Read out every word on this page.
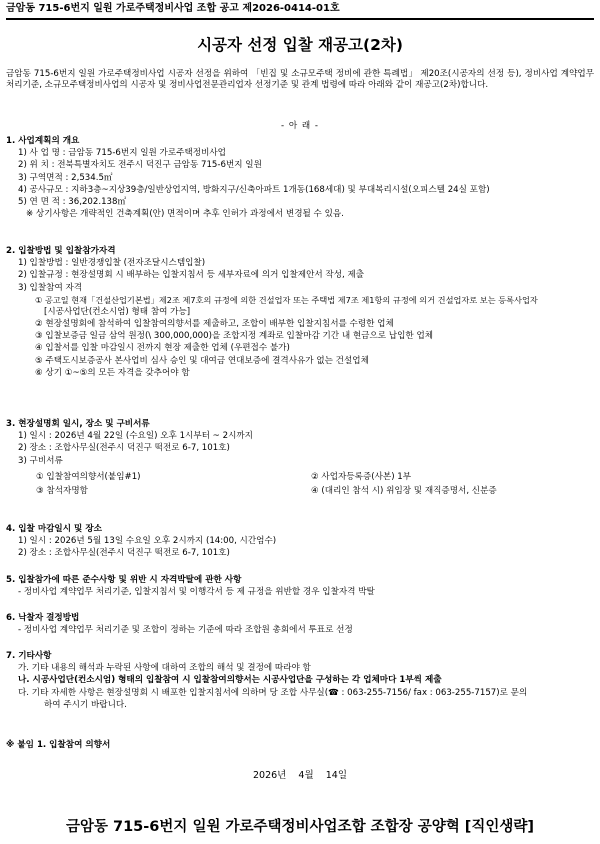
금암동 715-6번지 일원 가로주택정비사업 조합 공고 제2026-0414-01호
시공자 선정 입찰 재공고(2차)
금암동 715-6번지 일원 가로주택정비사업 시공자 선정을 위하여 「빈집 및 소규모주택 정비에 관한 특례법」 제20조(시공자의 선정 등), 정비사업 계약업무 처리기준, 소규모주택정비사업의 시공자 및 정비사업전문관리업자 선정기준 및 관계 법령에 따라 아래와 같이 재공고(2차)합니다.
- 아 래 -
1. 사업계획의 개요
1) 사 업 명 : 금암동 715-6번지 일원 가로주택정비사업
2) 위 치 : 전북특별자치도 전주시 덕진구 금암동 715-6번지 일원
3) 구역면적 : 2,534.5㎡
4) 공사규모 : 지하3층~지상39층/일반상업지역, 방화지구/신축아파트 1개동(168세대) 및 부대복리시설(오피스텔 24실 포함)
5) 연 면 적 : 36,202.138㎡
※ 상기사항은 개략적인 건축계획(안) 면적이며 추후 인허가 과정에서 변경될 수 있음.
2. 입찰방법 및 입찰참가자격
1) 입찰방법 : 일반경쟁입찰 (전자조달시스템입찰)
2) 입찰규정 : 현장설명회 시 배부하는 입찰지침서 등 세부자료에 의거 입찰제안서 작성, 제출
3) 입찰참여 자격
① 공고일 현재「건설산업기본법」제2조 제7호의 규정에 의한 건설업자 또는 주택법 제7조 제1항의 규정에 의거 건설업자로 보는 등록사업자
[시공사업단(컨소시엄) 형태 참여 가능]
② 현장설명회에 참석하여 입찰참여의향서를 제출하고, 조합이 배부한 입찰지침서를 수령한 업체
③ 입찰보증금 일금 삼억 원정(\ 300,000,000)을 조합지정 계좌로 입찰마감 기간 내 현금으로 납입한 업체
④ 입찰서를 입찰 마감일시 전까지 현장 제출한 업체 (우편접수 불가)
⑤ 주택도시보증공사 본사업비 심사 승인 및 대여금 연대보증에 결격사유가 없는 건설업체
⑥ 상기 ①~⑤의 모든 자격을 갖추어야 함
3. 현장설명회 일시, 장소 및 구비서류
1) 일시 : 2026년 4월 22일 (수요일) 오후 1시부터 ~ 2시까지
2) 장소 : 조합사무실(전주시 덕진구 떡전로 6-7, 101호)
3) 구비서류
① 입찰참여의향서(붙임#1)	② 사업자등록증(사본) 1부
③ 참석자명함	④ (대리인 참석 시) 위임장 및 재직증명서, 신분증
4. 입찰 마감일시 및 장소
1) 일시 : 2026년 5월 13일 수요일 오후 2시까지 (14:00, 시간엄수)
2) 장소 : 조합사무실(전주시 덕진구 떡전로 6-7, 101호)
5. 입찰참가에 따른 준수사항 및 위반 시 자격박탈에 관한 사항
- 정비사업 계약업무 처리기준, 입찰지침서 및 이행각서 등 제 규정을 위반할 경우 입찰자격 박탈
6. 낙찰자 결정방법
- 정비사업 계약업무 처리기준 및 조합이 정하는 기준에 따라 조합원 총회에서 투표로 선정
7. 기타사항
가. 기타 내용의 해석과 누락된 사항에 대하여 조합의 해석 및 결정에 따라야 함
나. 시공사업단(컨소시엄) 형태의 입찰참여 시 입찰참여의향서는 시공사업단을 구성하는 각 업체마다 1부씩 제출
다. 기타 자세한 사항은 현장설명회 시 배포한 입찰지침서에 의하며 당 조합 사무실(☎ : 063-255-7156/ fax : 063-255-7157)로 문의
하여 주시기 바랍니다.
※ 붙임 1. 입찰참여 의향서
2026년    4월    14일
금암동 715-6번지 일원 가로주택정비사업조합 조합장 공양혁 [직인생략]
